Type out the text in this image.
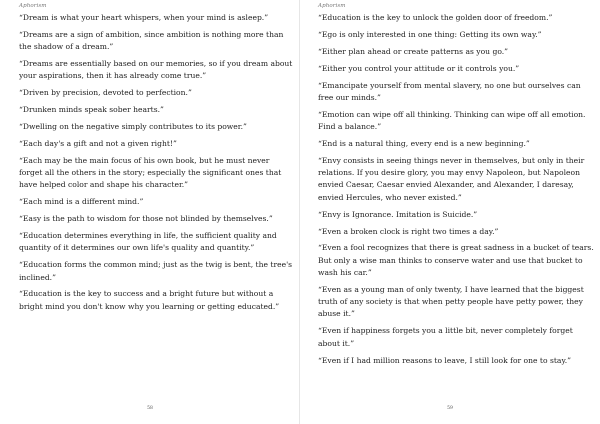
Aphorism
“Dream is what your heart whispers, when your mind is asleep.”
“Dreams are a sign of ambition, since ambition is nothing more than the shadow of a dream.”
“Dreams are essentially based on our memories, so if you dream about your aspirations, then it has already come true.”
“Driven by precision, devoted to perfection.”
“Drunken minds speak sober hearts.”
“Dwelling on the negative simply contributes to its power.”
“Each day's a gift and not a given right!”
“Each may be the main focus of his own book, but he must never forget all the others in the story; especially the significant ones that have helped color and shape his character.”
“Each mind is a different mind.”
“Easy is the path to wisdom for those not blinded by themselves.”
“Education determines everything in life, the sufficient quality and quantity of it determines our own life's quality and quantity.”
“Education forms the common mind; just as the twig is bent, the tree's inclined.”
“Education is the key to success and a bright future but without a bright mind you don't know why you learning or getting educated.”
58
Aphorism
“Education is the key to unlock the golden door of freedom.”
“Ego is only interested in one thing: Getting its own way.”
“Either plan ahead or create patterns as you go.”
“Either you control your attitude or it controls you.”
“Emancipate yourself from mental slavery, no one but ourselves can free our minds.”
“Emotion can wipe off all thinking. Thinking can wipe off all emotion. Find a balance.”
“End is a natural thing, every end is a new beginning.”
“Envy consists in seeing things never in themselves, but only in their relations. If you desire glory, you may envy Napoleon, but Napoleon envied Caesar, Caesar envied Alexander, and Alexander, I daresay, envied Hercules, who never existed.”
“Envy is Ignorance. Imitation is Suicide.”
“Even a broken clock is right two times a day.”
“Even a fool recognizes that there is great sadness in a bucket of tears. But only a wise man thinks to conserve water and use that bucket to wash his car.”
“Even as a young man of only twenty, I have learned that the biggest truth of any society is that when petty people have petty power, they abuse it.”
“Even if happiness forgets you a little bit, never completely forget about it.”
“Even if I had million reasons to leave, I still look for one to stay.”
59
